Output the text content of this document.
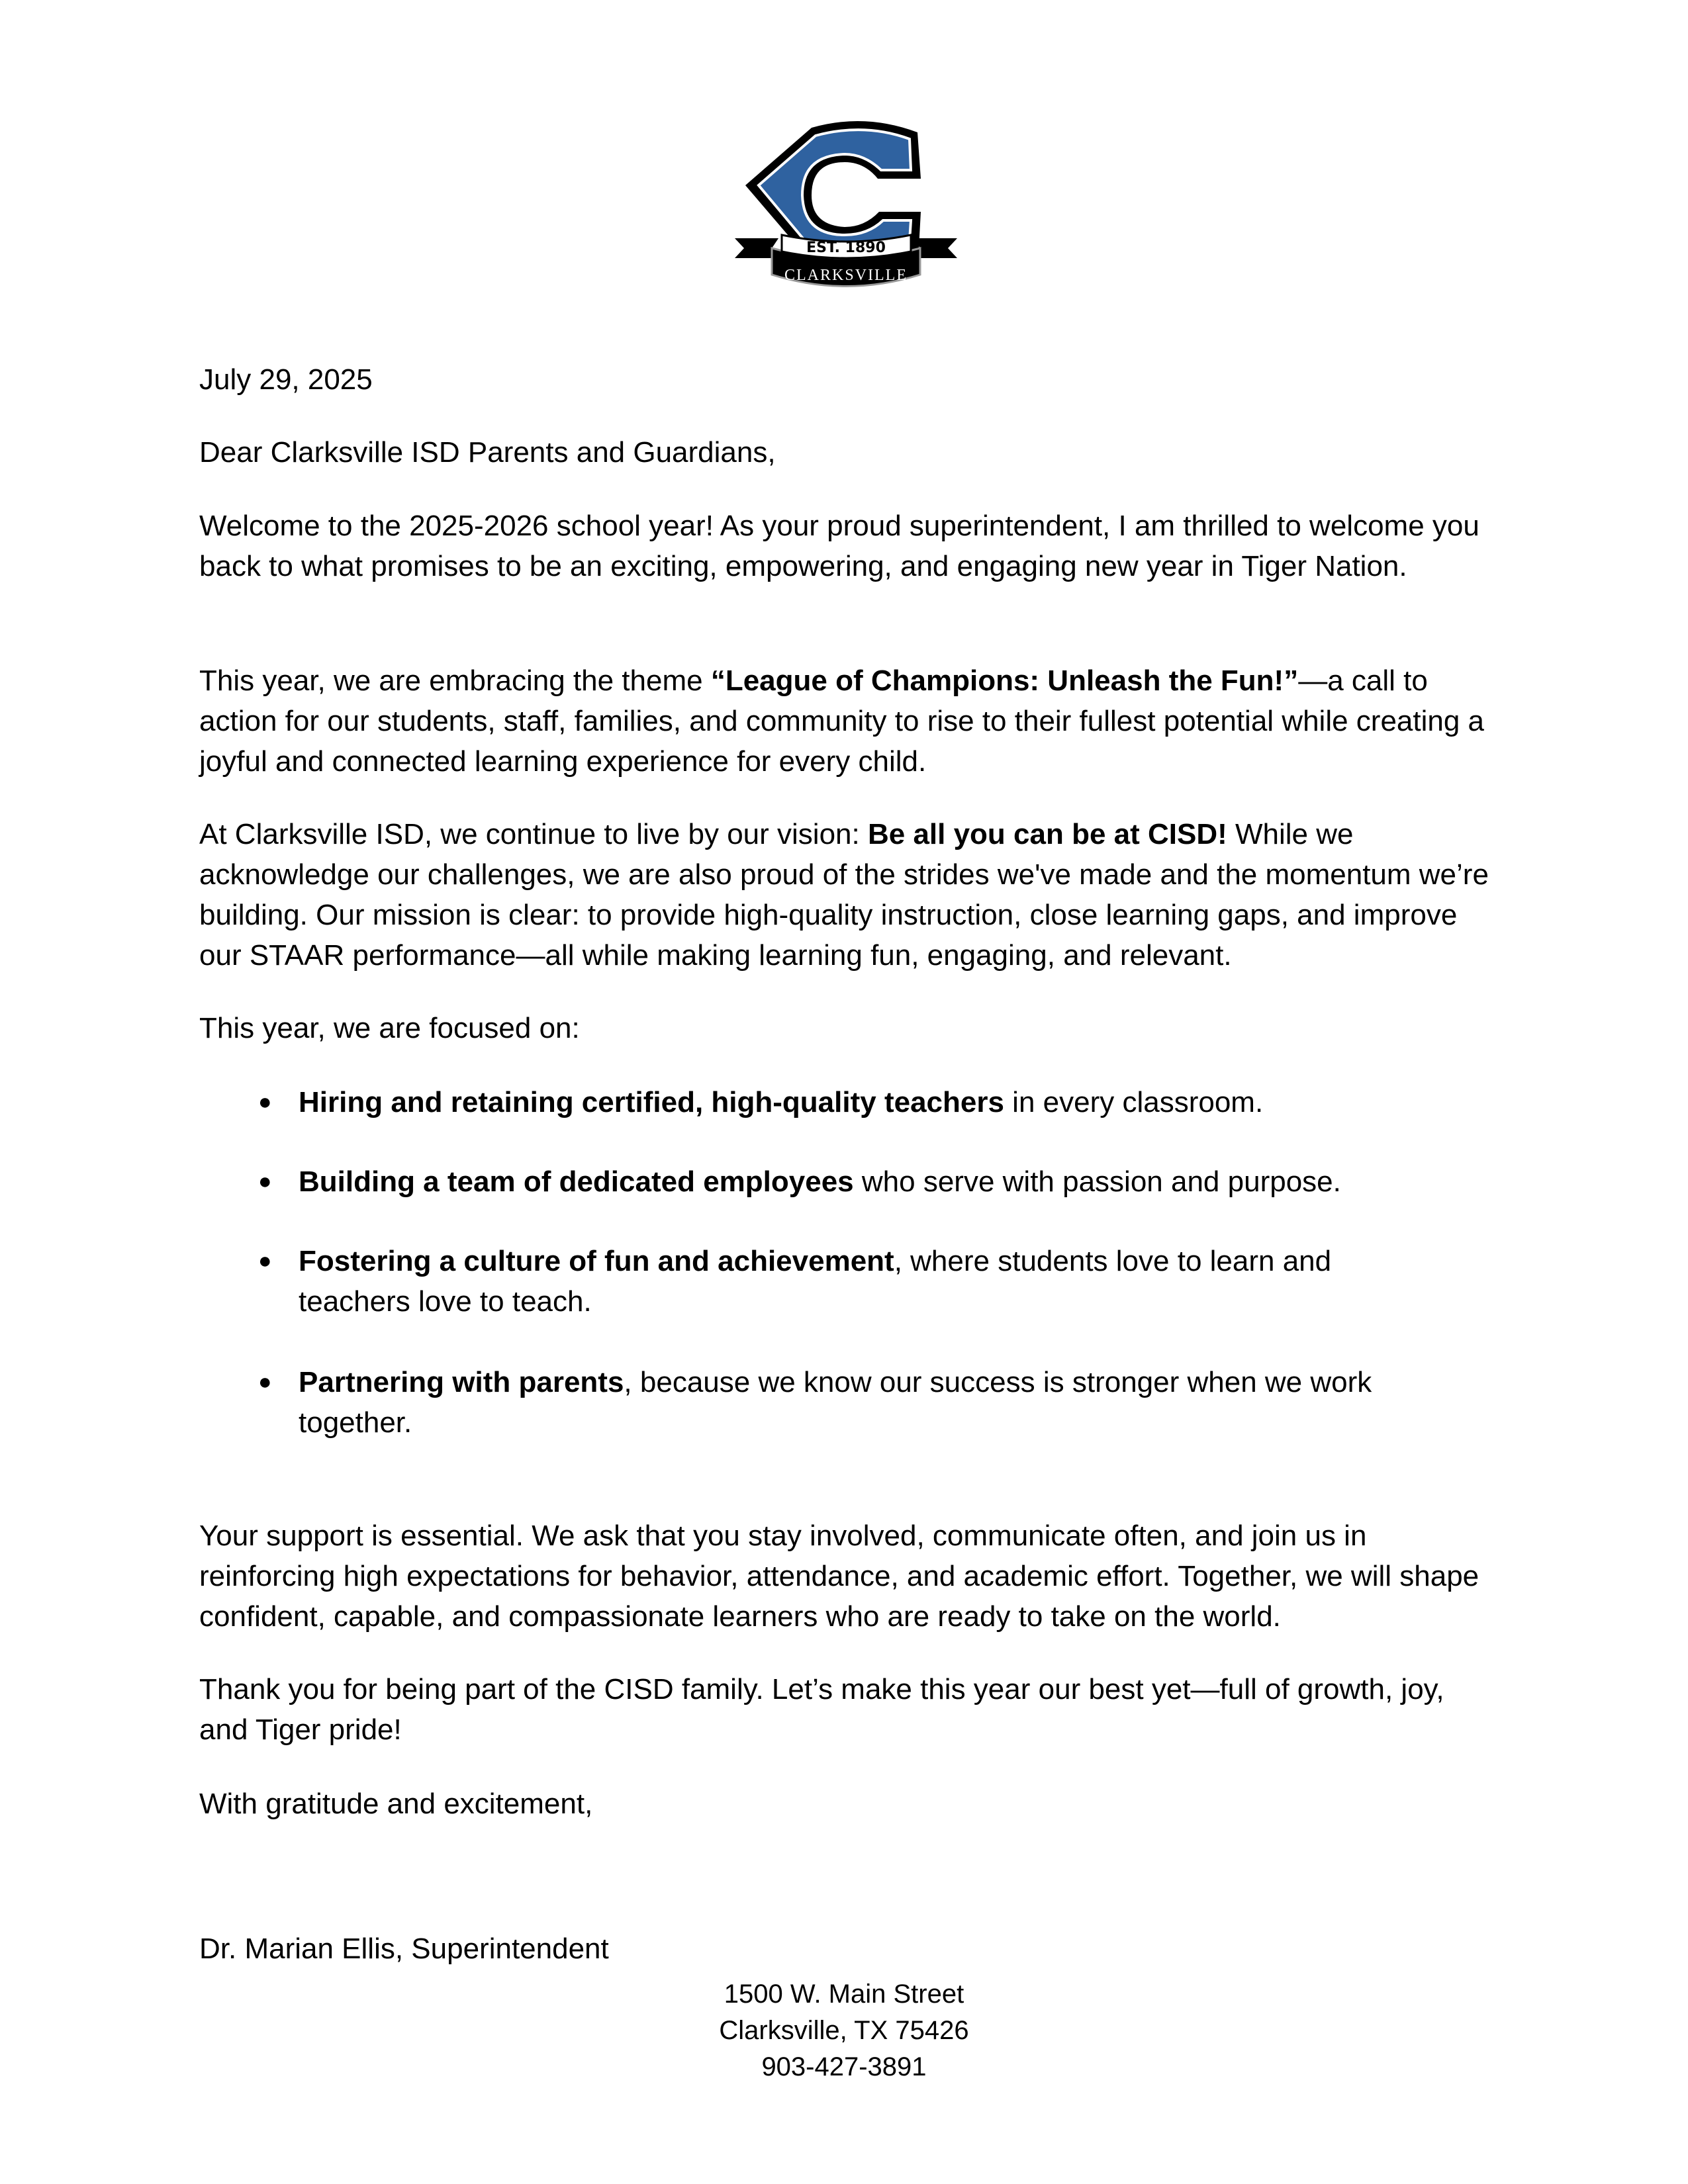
EST. 1890
CLARKSVILLE
July 29, 2025
Dear Clarksville ISD Parents and Guardians,
Welcome to the 2025-2026 school year! As your proud superintendent, I am thrilled to welcome you back to what promises to be an exciting, empowering, and engaging new year in Tiger Nation.
This year, we are embracing the theme “League of Champions: Unleash the Fun!”—a call to action for our students, staff, families, and community to rise to their fullest potential while creating a joyful and connected learning experience for every child.
At Clarksville ISD, we continue to live by our vision: Be all you can be at CISD! While we acknowledge our challenges, we are also proud of the strides we've made and the momentum we’re building. Our mission is clear: to provide high-quality instruction, close learning gaps, and improve our STAAR performance—all while making learning fun, engaging, and relevant.
This year, we are focused on:
● Hiring and retaining certified, high-quality teachers in every classroom.
● Building a team of dedicated employees who serve with passion and purpose.
● Fostering a culture of fun and achievement, where students love to learn and teachers love to teach.
● Partnering with parents, because we know our success is stronger when we work together.
Your support is essential. We ask that you stay involved, communicate often, and join us in reinforcing high expectations for behavior, attendance, and academic effort. Together, we will shape confident, capable, and compassionate learners who are ready to take on the world.
Thank you for being part of the CISD family. Let’s make this year our best yet—full of growth, joy, and Tiger pride!
With gratitude and excitement,
Dr. Marian Ellis, Superintendent
1500 W. Main Street
Clarksville, TX 75426
903-427-3891
